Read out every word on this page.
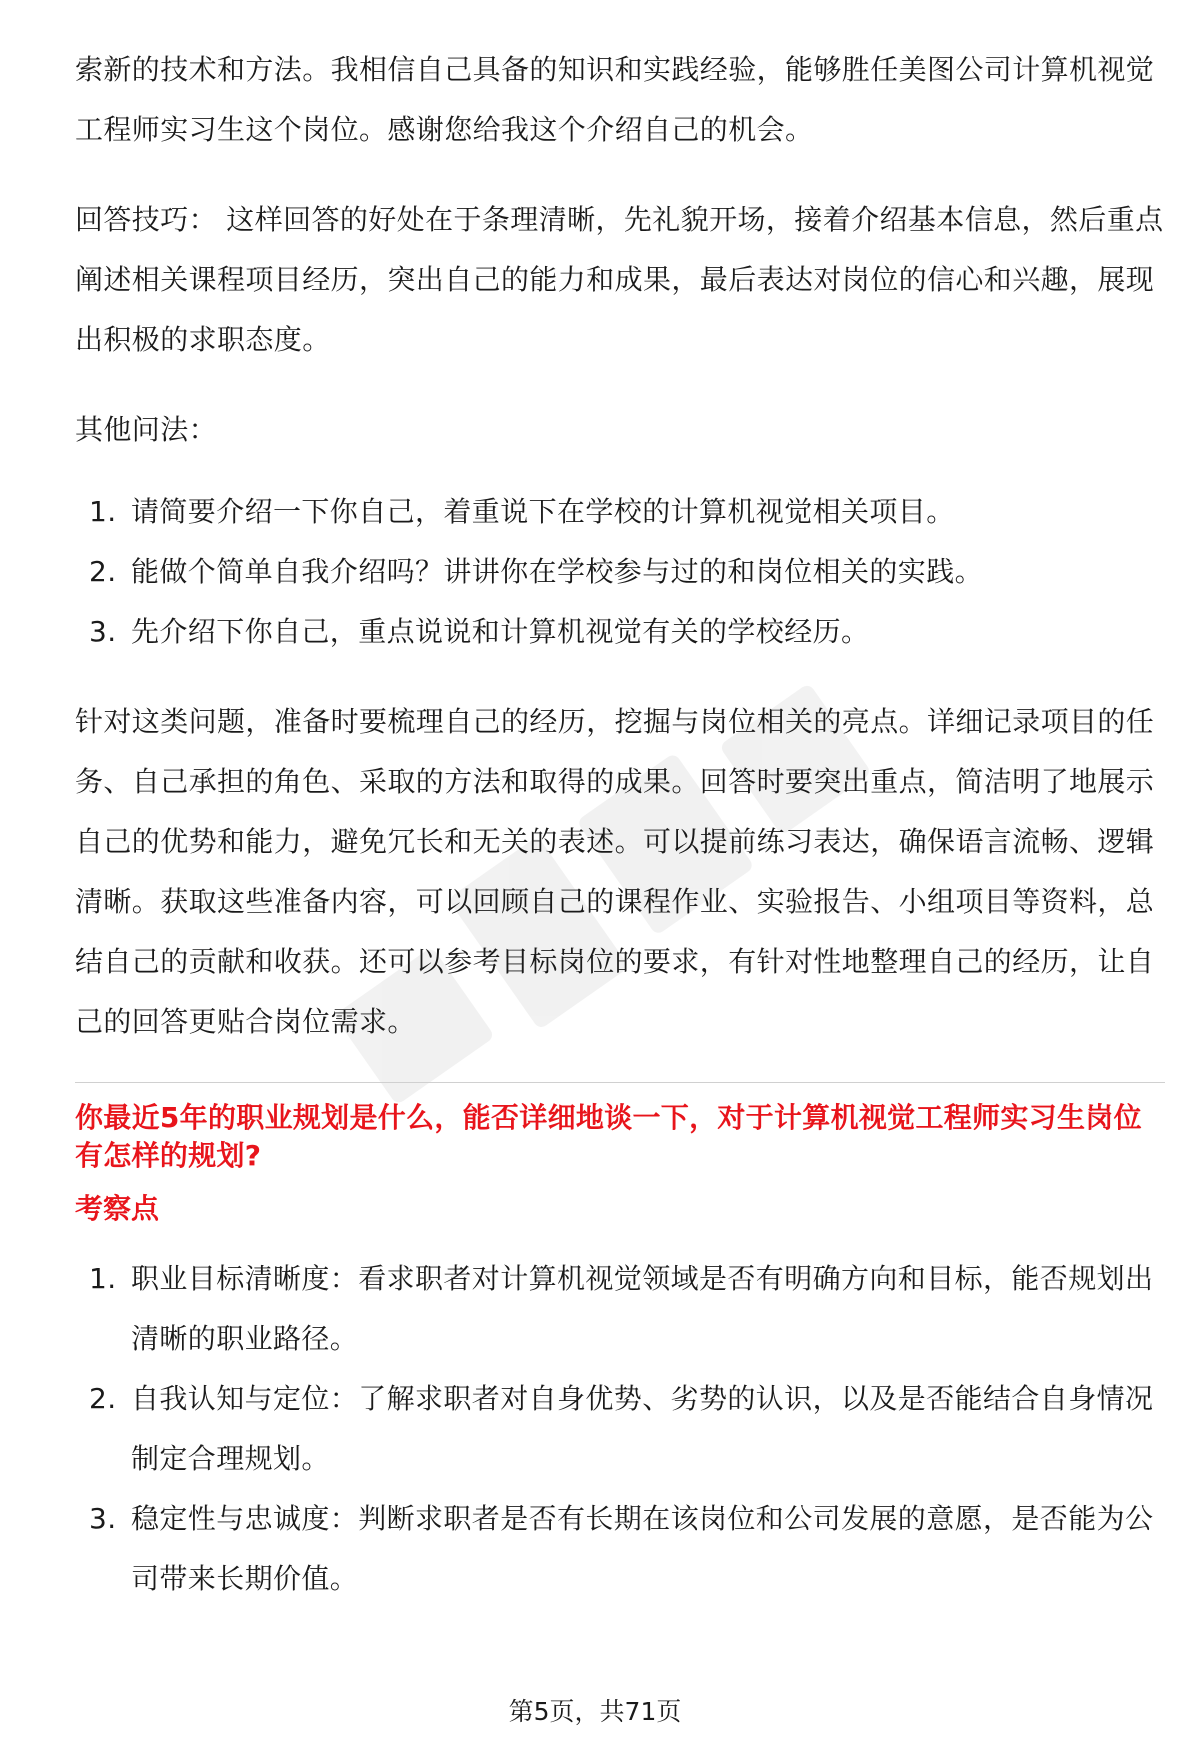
索新的技术和方法。我相信自己具备的知识和实践经验，能够胜任美图公司计算机视觉工程师实习生这个岗位。感谢您给我这个介绍自己的机会。

回答技巧： 这样回答的好处在于条理清晰，先礼貌开场，接着介绍基本信息，然后重点阐述相关课程项目经历，突出自己的能力和成果，最后表达对岗位的信心和兴趣，展现出积极的求职态度。

其他问法：

1. 请简要介绍一下你自己，着重说下在学校的计算机视觉相关项目。
2. 能做个简单自我介绍吗？讲讲你在学校参与过的和岗位相关的实践。
3. 先介绍下你自己，重点说说和计算机视觉有关的学校经历。

针对这类问题，准备时要梳理自己的经历，挖掘与岗位相关的亮点。详细记录项目的任务、自己承担的角色、采取的方法和取得的成果。回答时要突出重点，简洁明了地展示自己的优势和能力，避免冗长和无关的表述。可以提前练习表达，确保语言流畅、逻辑清晰。获取这些准备内容，可以回顾自己的课程作业、实验报告、小组项目等资料，总结自己的贡献和收获。还可以参考目标岗位的要求，有针对性地整理自己的经历，让自己的回答更贴合岗位需求。

你最近5年的职业规划是什么，能否详细地谈一下，对于计算机视觉工程师实习生岗位有怎样的规划?

考察点
1. 职业目标清晰度：看求职者对计算机视觉领域是否有明确方向和目标，能否规划出清晰的职业路径。
2. 自我认知与定位：了解求职者对自身优势、劣势的认识，以及是否能结合自身情况制定合理规划。
3. 稳定性与忠诚度：判断求职者是否有长期在该岗位和公司发展的意愿，是否能为公司带来长期价值。
第5页，共71页
